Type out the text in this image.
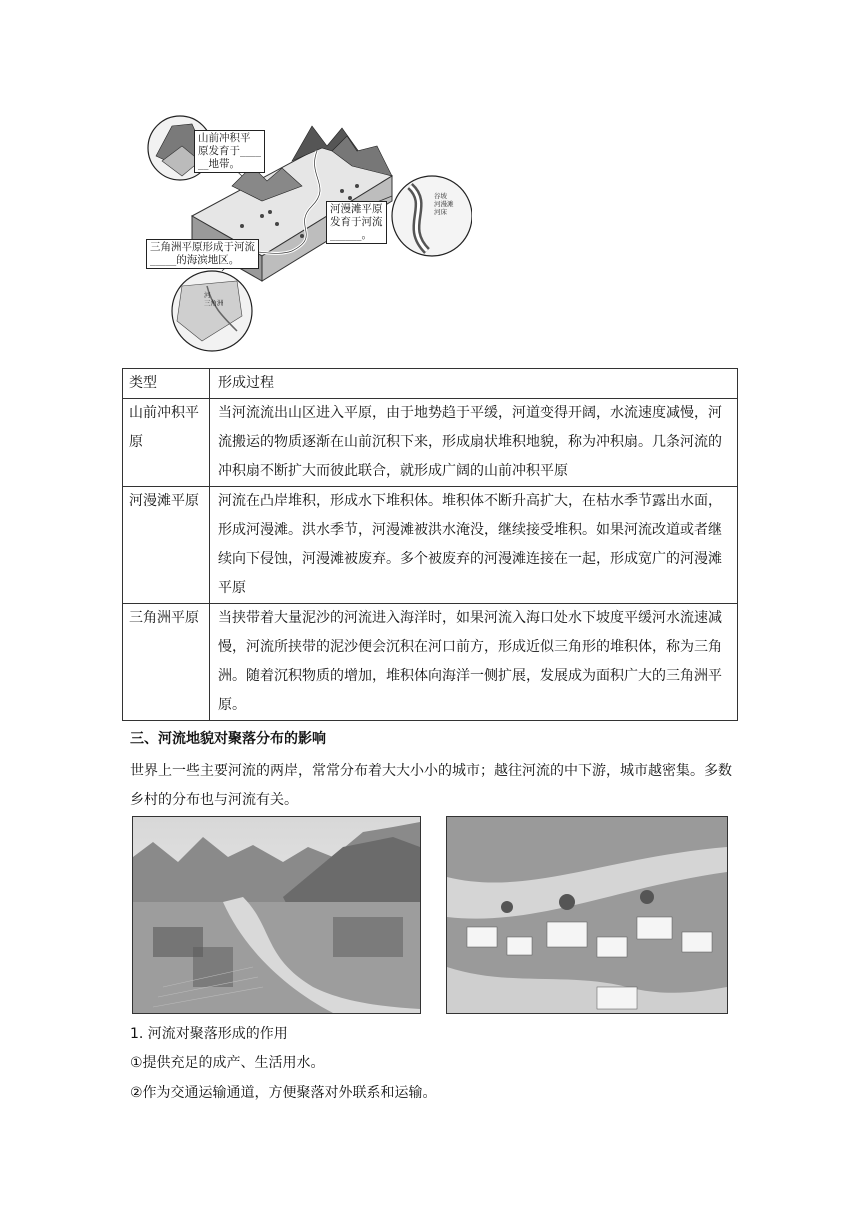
山前冲积平
原发育于____
__地带。
河漫滩平原
发育于河流
______。
三角洲平原形成于河流
_____的海滨地区。
谷坡
河漫滩
河床
河
三角洲
类型	形成过程
山前冲积平原	当河流流出山区进入平原，由于地势趋于平缓，河道变得开阔，水流速度减慢，河流搬运的物质逐渐在山前沉积下来，形成扇状堆积地貌，称为冲积扇。几条河流的冲积扇不断扩大而彼此联合，就形成广阔的山前冲积平原
河漫滩平原	河流在凸岸堆积，形成水下堆积体。堆积体不断升高扩大，在枯水季节露出水面，形成河漫滩。洪水季节，河漫滩被洪水淹没，继续接受堆积。如果河流改道或者继续向下侵蚀，河漫滩被废弃。多个被废弃的河漫滩连接在一起，形成宽广的河漫滩平原
三角洲平原	当挟带着大量泥沙的河流进入海洋时，如果河流入海口处水下坡度平缓河水流速减慢，河流所挟带的泥沙便会沉积在河口前方，形成近似三角形的堆积体，称为三角洲。随着沉积物质的增加，堆积体向海洋一侧扩展，发展成为面积广大的三角洲平原。
三、河流地貌对聚落分布的影响
世界上一些主要河流的两岸，常常分布着大大小小的城市；越往河流的中下游，城市越密集。多数乡村的分布也与河流有关。
1. 河流对聚落形成的作用
①提供充足的成产、生活用水。
②作为交通运输通道，方便聚落对外联系和运输。
